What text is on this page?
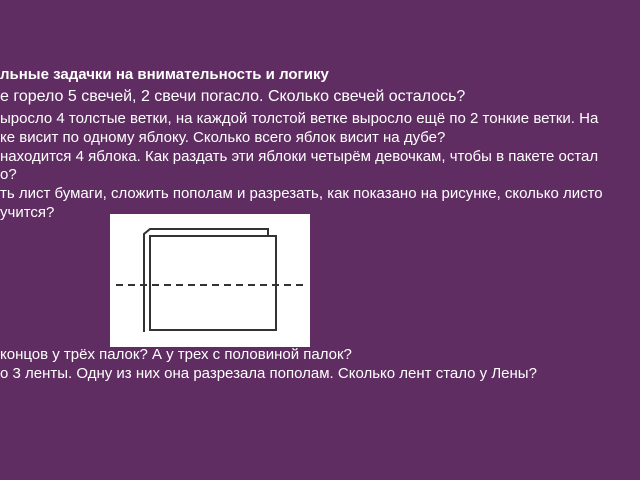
льные задачки на внимательность и логику
е горело 5 свечей, 2 свечи погасло. Сколько свечей осталось?
ыросло 4 толстые ветки, на каждой толстой ветке выросло ещё по 2 тонкие ветки. На
ке висит по одному яблоку. Сколько всего яблок висит на дубе?
находится 4 яблока. Как раздать эти яблоки четырём девочкам, чтобы в пакете остал
о?
ть лист бумаги, сложить пополам и разрезать, как показано на рисунке, сколько листо
учится?
концов у трёх палок? А у трех с половиной палок?
о 3 ленты. Одну из них она разрезала пополам. Сколько лент стало у Лены?
